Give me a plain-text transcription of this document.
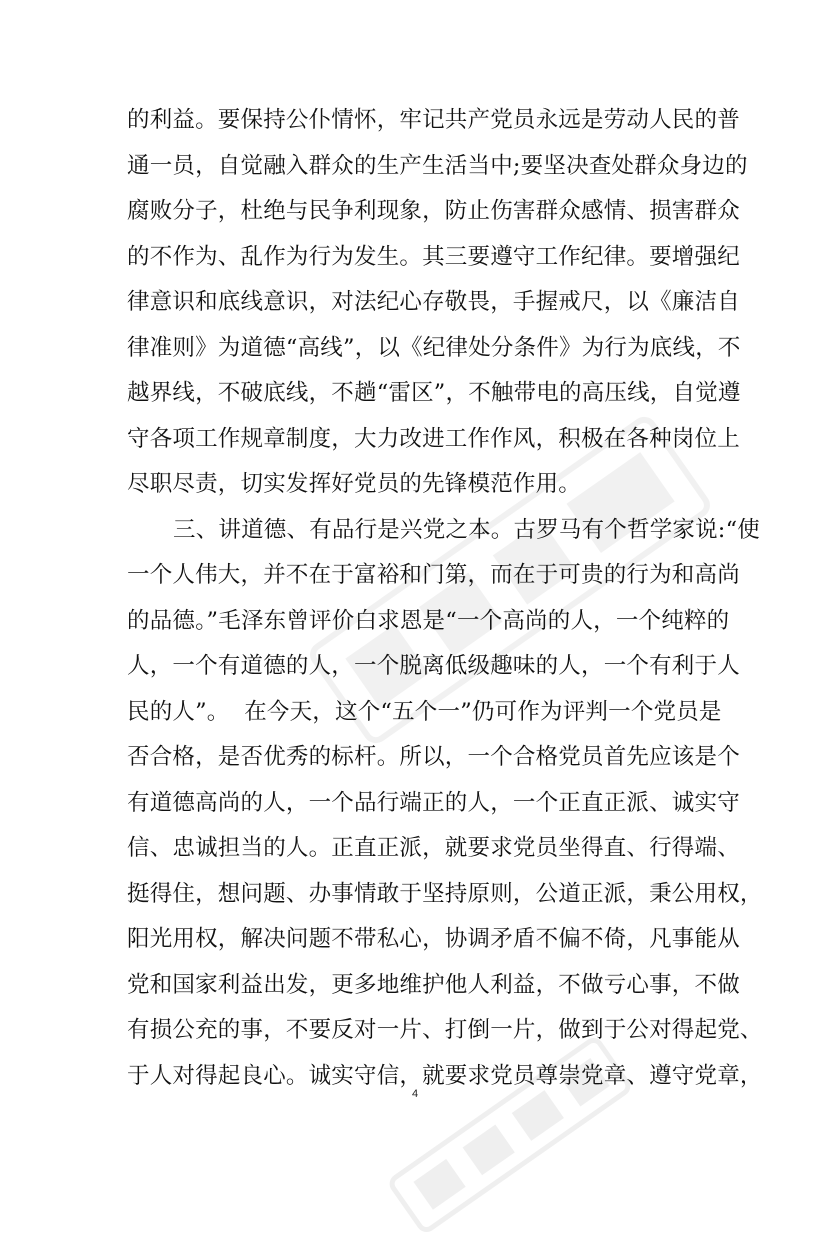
的利益。要保持公仆情怀，牢记共产党员永远是劳动人民的普
通一员，自觉融入群众的生产生活当中;要坚决查处群众身边的
腐败分子，杜绝与民争利现象，防止伤害群众感情、损害群众
的不作为、乱作为行为发生。其三要遵守工作纪律。要增强纪
律意识和底线意识，对法纪心存敬畏，手握戒尺，以《廉洁自
律准则》为道德“高线”，以《纪律处分条件》为行为底线，不
越界线，不破底线，不趟“雷区”，不触带电的高压线，自觉遵
守各项工作规章制度，大力改进工作作风，积极在各种岗位上
尽职尽责，切实发挥好党员的先锋模范作用。
三、讲道德、有品行是兴党之本。古罗马有个哲学家说:“使
一个人伟大，并不在于富裕和门第，而在于可贵的行为和高尚
的品德。”毛泽东曾评价白求恩是“一个高尚的人，一个纯粹的
人，一个有道德的人，一个脱离低级趣味的人，一个有利于人
民的人”。  在今天，这个“五个一”仍可作为评判一个党员是
否合格，是否优秀的标杆。所以，一个合格党员首先应该是个
有道德高尚的人，一个品行端正的人，一个正直正派、诚实守
信、忠诚担当的人。正直正派，就要求党员坐得直、行得端、
挺得住，想问题、办事情敢于坚持原则，公道正派，秉公用权，
阳光用权，解决问题不带私心，协调矛盾不偏不倚，凡事能从
党和国家利益出发，更多地维护他人利益，不做亏心事，不做
有损公充的事，不要反对一片、打倒一片，做到于公对得起党、
于人对得起良心。诚实守信，就要求党员尊崇党章、遵守党章，
4
